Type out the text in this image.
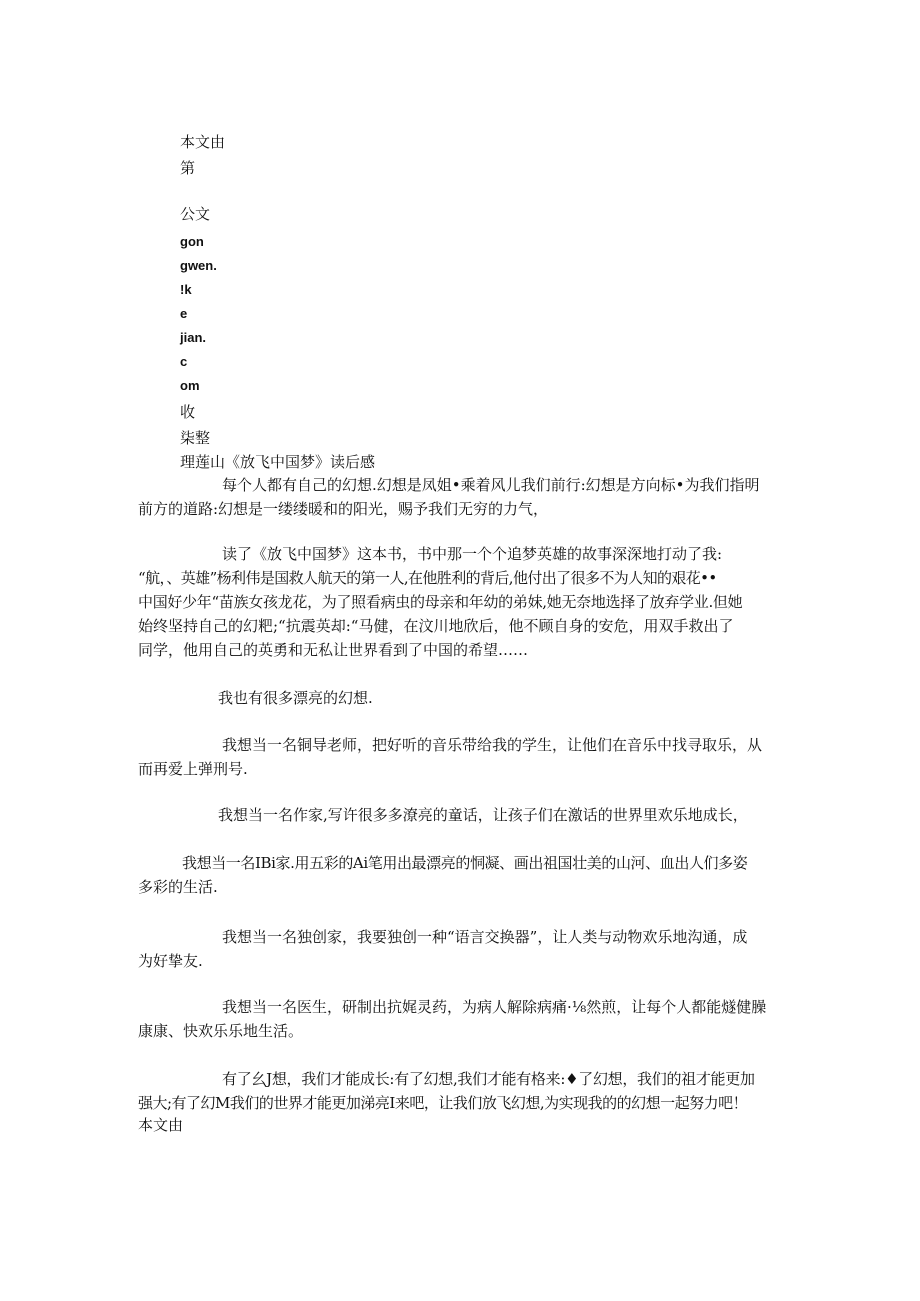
本文由
第
公文
gon
gwen.
!k
e
jian.
c
om
收
柒整
理莲山《放飞中国梦》读后感
每个人都有自己的幻想.幻想是凤姐•乘着风儿我们前行:幻想是方向标•为我们指明
前方的道路:幻想是一缕缕暖和的阳光，赐予我们无穷的力气，
读了《放飞中国梦》这本书，书中那一个个追梦英雄的故事深深地打动了我:
“航，、英雄”杨利伟是国救人航天的第一人,在他胜利的背后,他付出了很多不为人知的艰花••
中国好少年“苗族女孩龙花，为了照看病虫的母亲和年幼的弟妹,她无奈地选择了放弃学业.但她
始终坚持自己的幻粑;“抗震英却:“马健，在汶川地欣后，他不顾自身的安危，用双手救出了
同学，他用自己的英勇和无私让世界看到了中国的希望……
我也有很多漂亮的幻想.
我想当一名铜导老师，把好听的音乐带给我的学生，让他们在音乐中找寻取乐，从
而再爱上弹刑号.
我想当一名作家,写许很多多潦亮的童话，让孩子们在激话的世界里欢乐地成长，
我想当一名IBi家.用五彩的Ai笔用出最漂亮的恫凝、画出祖国壮美的山河、血出人们多姿
多彩的生活.
我想当一名独创家，我要独创一种“语言交换器”，让人类与动物欢乐地沟通，成
为好挚友.
我想当一名医生，研制出抗娓灵药，为病人解除病痛·⅛然煎，让每个人都能燧健臊
康康、快欢乐乐地生活。
有了幺J想，我们才能成长:有了幻想,我们才能有格来:♦了幻想，我们的祖才能更加
强大;有了幻M我们的世界才能更加涕亮I来吧，让我们放飞幻想,为实现我的的幻想一起努力吧！
本文由
